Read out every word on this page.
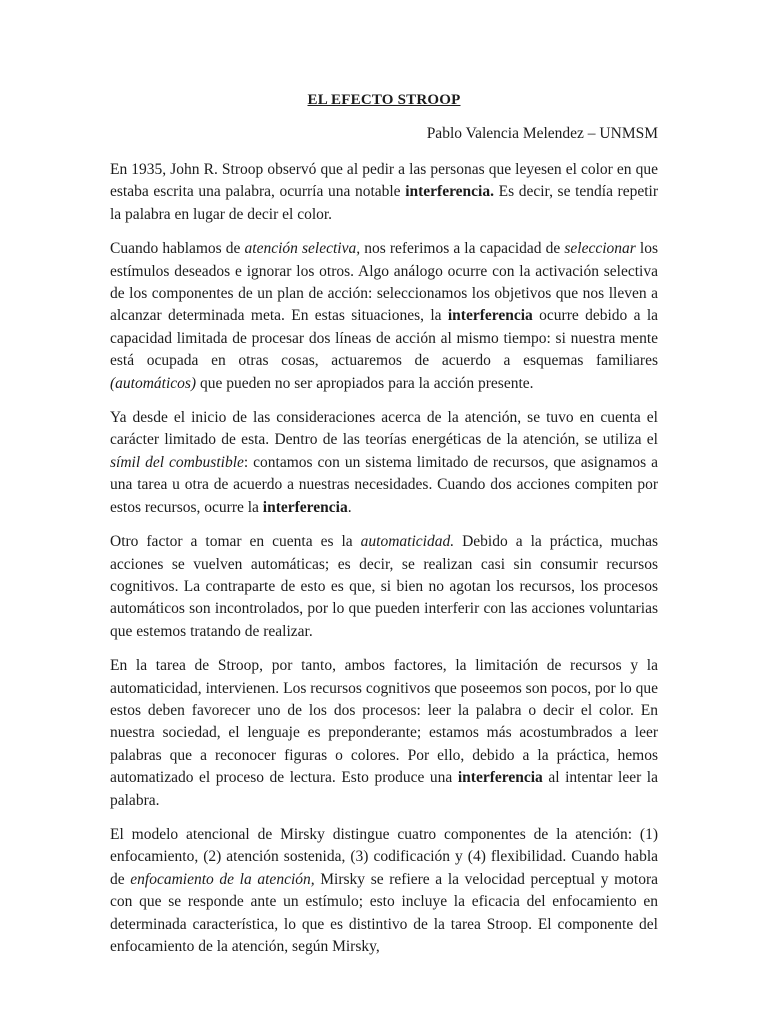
EL EFECTO STROOP
Pablo Valencia Melendez – UNMSM

En 1935, John R. Stroop observó que al pedir a las personas que leyesen el color en que estaba escrita una palabra, ocurría una notable interferencia. Es decir, se tendía repetir la palabra en lugar de decir el color.

Cuando hablamos de atención selectiva, nos referimos a la capacidad de seleccionar los estímulos deseados e ignorar los otros. Algo análogo ocurre con la activación selectiva de los componentes de un plan de acción: seleccionamos los objetivos que nos lleven a alcanzar determinada meta. En estas situaciones, la interferencia ocurre debido a la capacidad limitada de procesar dos líneas de acción al mismo tiempo: si nuestra mente está ocupada en otras cosas, actuaremos de acuerdo a esquemas familiares (automáticos) que pueden no ser apropiados para la acción presente.

Ya desde el inicio de las consideraciones acerca de la atención, se tuvo en cuenta el carácter limitado de esta. Dentro de las teorías energéticas de la atención, se utiliza el símil del combustible: contamos con un sistema limitado de recursos, que asignamos a una tarea u otra de acuerdo a nuestras necesidades. Cuando dos acciones compiten por estos recursos, ocurre la interferencia.

Otro factor a tomar en cuenta es la automaticidad. Debido a la práctica, muchas acciones se vuelven automáticas; es decir, se realizan casi sin consumir recursos cognitivos. La contraparte de esto es que, si bien no agotan los recursos, los procesos automáticos son incontrolados, por lo que pueden interferir con las acciones voluntarias que estemos tratando de realizar.

En la tarea de Stroop, por tanto, ambos factores, la limitación de recursos y la automaticidad, intervienen. Los recursos cognitivos que poseemos son pocos, por lo que estos deben favorecer uno de los dos procesos: leer la palabra o decir el color. En nuestra sociedad, el lenguaje es preponderante; estamos más acostumbrados a leer palabras que a reconocer figuras o colores. Por ello, debido a la práctica, hemos automatizado el proceso de lectura. Esto produce una interferencia al intentar leer la palabra.

El modelo atencional de Mirsky distingue cuatro componentes de la atención: (1) enfocamiento, (2) atención sostenida, (3) codificación y (4) flexibilidad. Cuando habla de enfocamiento de la atención, Mirsky se refiere a la velocidad perceptual y motora con que se responde ante un estímulo; esto incluye la eficacia del enfocamiento en determinada característica, lo que es distintivo de la tarea Stroop. El componente del enfocamiento de la atención, según Mirsky,
